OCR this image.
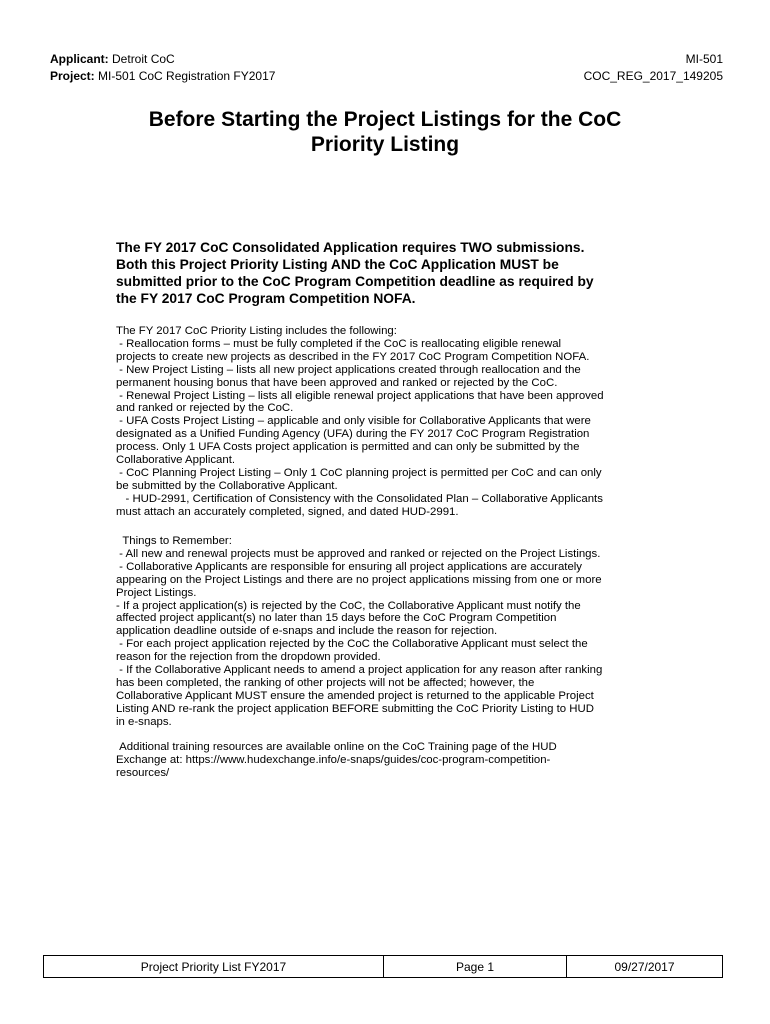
Applicant: Detroit CoC
Project: MI-501 CoC Registration FY2017
MI-501
COC_REG_2017_149205
Before Starting the Project Listings for the CoC
Priority Listing
The FY 2017 CoC Consolidated Application requires TWO submissions.
Both this Project Priority Listing AND the CoC Application MUST be
submitted prior to the CoC Program Competition deadline as required by
the FY 2017 CoC Program Competition NOFA.
The FY 2017 CoC Priority Listing includes the following:
- Reallocation forms – must be fully completed if the CoC is reallocating eligible renewal
projects to create new projects as described in the FY 2017 CoC Program Competition NOFA.
- New Project Listing – lists all new project applications created through reallocation and the
permanent housing bonus that have been approved and ranked or rejected by the CoC.
- Renewal Project Listing – lists all eligible renewal project applications that have been approved
and ranked or rejected by the CoC.
- UFA Costs Project Listing – applicable and only visible for Collaborative Applicants that were
designated as a Unified Funding Agency (UFA) during the FY 2017 CoC Program Registration
process. Only 1 UFA Costs project application is permitted and can only be submitted by the
Collaborative Applicant.
- CoC Planning Project Listing – Only 1 CoC planning project is permitted per CoC and can only
be submitted by the Collaborative Applicant.
- HUD-2991, Certification of Consistency with the Consolidated Plan – Collaborative Applicants
must attach an accurately completed, signed, and dated HUD-2991.
Things to Remember:
- All new and renewal projects must be approved and ranked or rejected on the Project Listings.
- Collaborative Applicants are responsible for ensuring all project applications are accurately
appearing on the Project Listings and there are no project applications missing from one or more
Project Listings.
- If a project application(s) is rejected by the CoC, the Collaborative Applicant must notify the
affected project applicant(s) no later than 15 days before the CoC Program Competition
application deadline outside of e-snaps and include the reason for rejection.
- For each project application rejected by the CoC the Collaborative Applicant must select the
reason for the rejection from the dropdown provided.
- If the Collaborative Applicant needs to amend a project application for any reason after ranking
has been completed, the ranking of other projects will not be affected; however, the
Collaborative Applicant MUST ensure the amended project is returned to the applicable Project
Listing AND re-rank the project application BEFORE submitting the CoC Priority Listing to HUD
in e-snaps.
Additional training resources are available online on the CoC Training page of the HUD
Exchange at: https://www.hudexchange.info/e-snaps/guides/coc-program-competition-
resources/
Project Priority List FY2017	Page 1	09/27/2017
